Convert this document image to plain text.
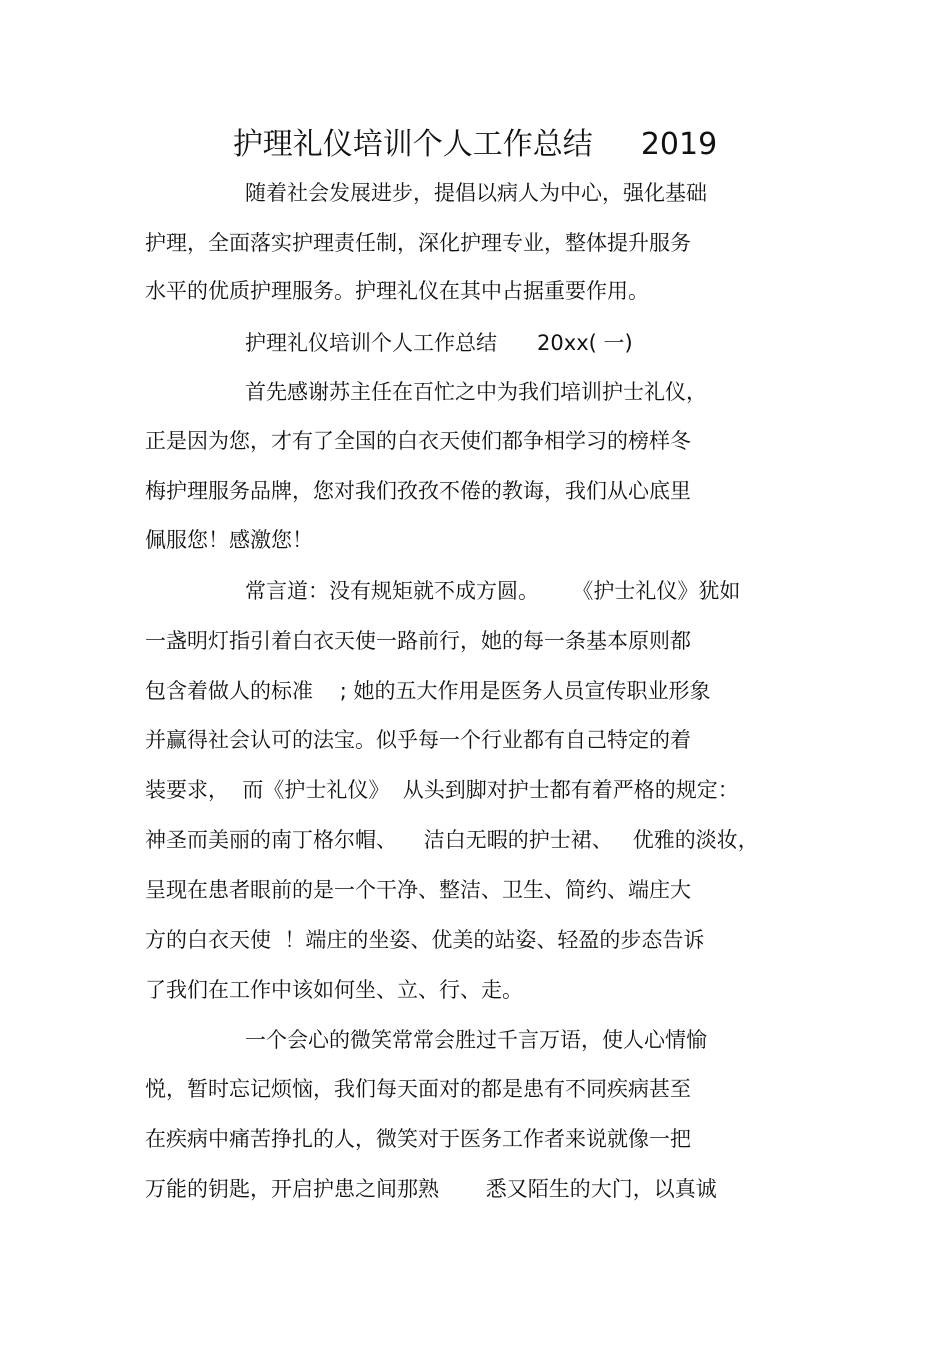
护理礼仪培训个人工作总结 2019
随着社会发展进步，提倡以病人为中心，强化基础
护理，全面落实护理责任制，深化护理专业，整体提升服务
水平的优质护理服务。护理礼仪在其中占据重要作用。
护理礼仪培训个人工作总结      20xx( 一)
首先感谢苏主任在百忙之中为我们培训护士礼仪，
正是因为您，才有了全国的白衣天使们都争相学习的榜样冬
梅护理服务品牌，您对我们孜孜不倦的教诲，我们从心底里
佩服您！感激您！
常言道：没有规矩就不成方圆。     《护士礼仪》犹如
一盏明灯指引着白衣天使一路前行，她的每一条基本原则都
包含着做人的标准    ; 她的五大作用是医务人员宣传职业形象
并赢得社会认可的法宝。似乎每一个行业都有自己特定的着
装要求，  而《护士礼仪》  从头到脚对护士都有着严格的规定：
神圣而美丽的南丁格尔帽、    洁白无暇的护士裙、   优雅的淡妆，
呈现在患者眼前的是一个干净、整洁、卫生、简约、端庄大
方的白衣天使  ！端庄的坐姿、优美的站姿、轻盈的步态告诉
了我们在工作中该如何坐、立、行、走。
一个会心的微笑常常会胜过千言万语，使人心情愉
悦，暂时忘记烦恼，我们每天面对的都是患有不同疾病甚至
在疾病中痛苦挣扎的人，微笑对于医务工作者来说就像一把
万能的钥匙，开启护患之间那熟       悉又陌生的大门，以真诚
